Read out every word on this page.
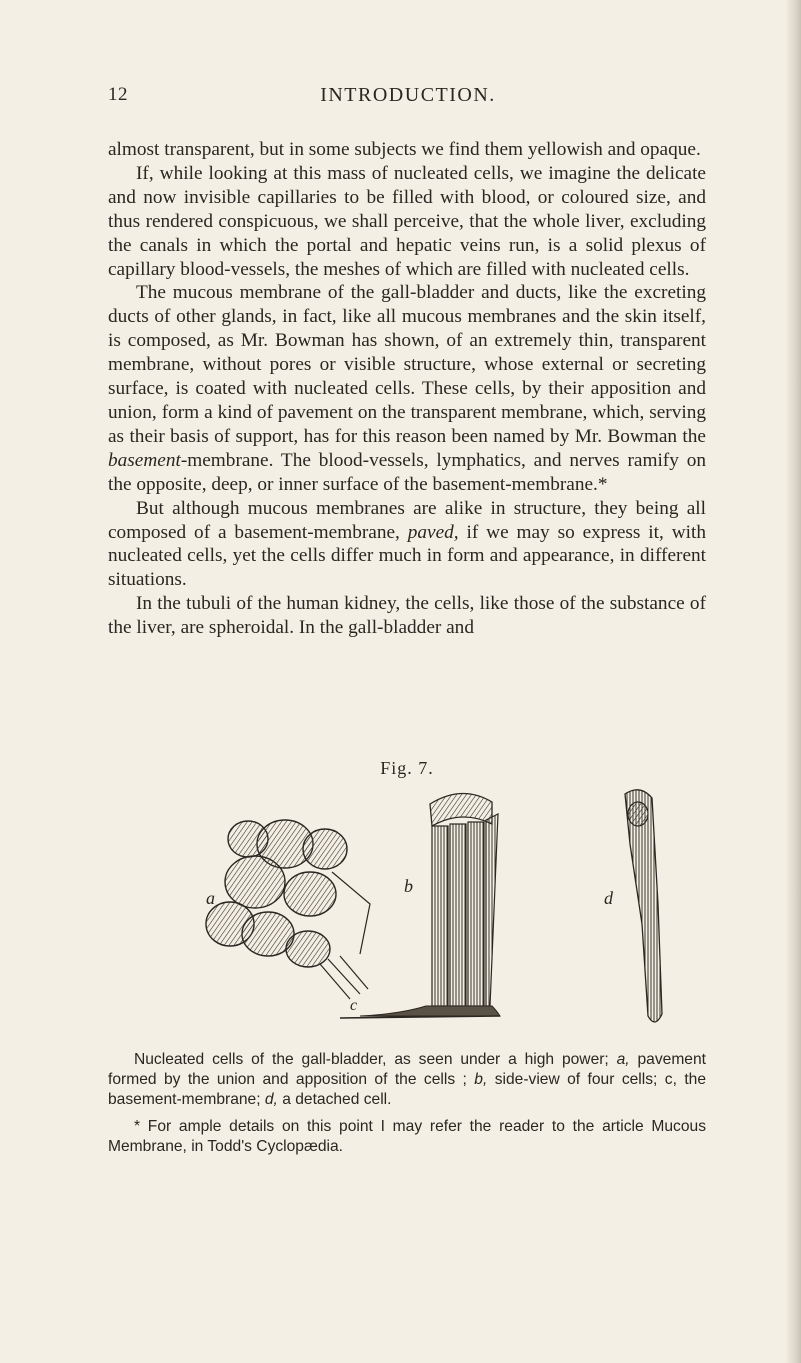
12	INTRODUCTION.

almost transparent, but in some subjects we find them yellowish and opaque.

If, while looking at this mass of nucleated cells, we imagine the delicate and now invisible capillaries to be filled with blood, or coloured size, and thus rendered conspicuous, we shall perceive, that the whole liver, excluding the canals in which the portal and hepatic veins run, is a solid plexus of capillary blood-vessels, the meshes of which are filled with nucleated cells.

The mucous membrane of the gall-bladder and ducts, like the excreting ducts of other glands, in fact, like all mucous membranes and the skin itself, is composed, as Mr. Bowman has shown, of an extremely thin, transparent membrane, without pores or visible structure, whose external or secreting surface, is coated with nucleated cells. These cells, by their apposition and union, form a kind of pavement on the transparent membrane, which, serving as their basis of support, has for this reason been named by Mr. Bowman the basement-membrane. The blood-vessels, lymphatics, and nerves ramify on the opposite, deep, or inner surface of the basement-membrane.*

But although mucous membranes are alike in structure, they being all composed of a basement-membrane, paved, if we may so express it, with nucleated cells, yet the cells differ much in form and appearance, in different situations.

In the tubuli of the human kidney, the cells, like those of the substance of the liver, are spheroidal. In the gall-bladder and

Fig. 7.
a
b
c
d
Nucleated cells of the gall-bladder, as seen under a high power; a, pavement formed by the union and apposition of the cells ; b, side-view of four cells; c, the basement-membrane; d, a detached cell.
* For ample details on this point I may refer the reader to the article Mucous Membrane, in Todd's Cyclopædia.
